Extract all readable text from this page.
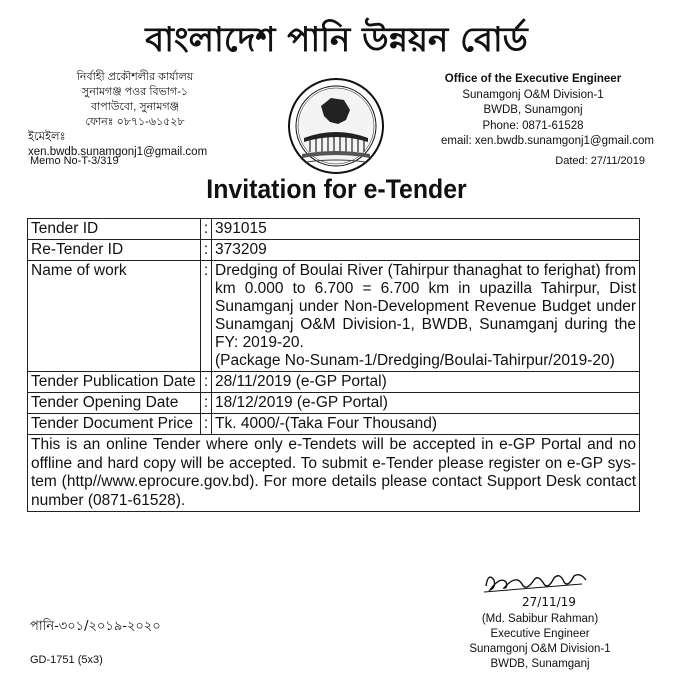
বাংলাদেশ পানি উন্নয়ন বোর্ড
নির্বাহী প্রকৌশলীর কার্যালয়
সুনামগঞ্জ পওর বিভাগ-১
বাপাউবো, সুনামগঞ্জ
ফোনঃ ০৮৭১-৬১৫২৮
ইমেইলঃ xen.bwdb.sunamgonj1@gmail.com
Office of the Executive Engineer
Sunamgonj O&M Division-1
BWDB, Sunamgonj
Phone: 0871-61528
email: xen.bwdb.sunamgonj1@gmail.com
Memo No-T-3/319	Dated: 27/11/2019
Invitation for e-Tender
Tender ID	:	391015
Re-Tender ID	:	373209
Name of work	:	Dredging of Boulai River (Tahirpur thanaghat to ferighat) from km 0.000 to 6.700 = 6.700 km in upazilla Tahirpur, Dist Sunamganj under Non-Development Revenue Budget under Sunamganj O&M Division-1, BWDB, Sunamganj during the FY: 2019-20.
(Package No-Sunam-1/Dredging/Boulai-Tahirpur/2019-20)

Tender Publication Date	:	28/11/2019 (e-GP Portal)
Tender Opening Date	:	18/12/2019 (e-GP Portal)
Tender Document Price	:	Tk. 4000/-(Taka Four Thousand)
This is an online Tender where only e-Tendets will be accepted in e-GP Portal and no offline and hard copy will be accepted. To submit e-Tender please register on e-GP sys-tem (http//www.eprocure.gov.bd). For more details please contact Support Desk contact number (0871-61528).		
27/11/19
(Md. Sabibur Rahman)
Executive Engineer
Sunamgonj O&M Division-1
BWDB, Sunamganj
পানি-৩০১/২০১৯-২০২০
GD-1751 (5x3)
